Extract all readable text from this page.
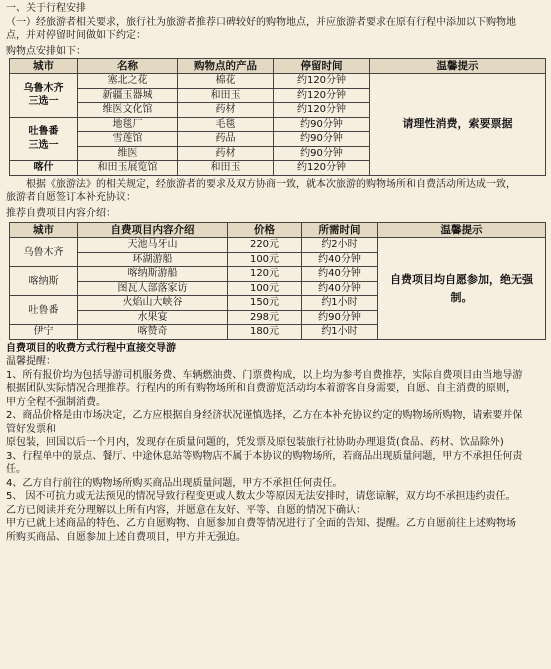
一、关于行程安排

（一）经旅游者相关要求，旅行社为旅游者推荐口碑较好的购物地点，并应旅游者要求在原有行程中添加以下购物地

点，并对停留时间做如下约定：

购物点安排如下：

城市	名称	购物点的产品	停留时间	温馨提示
乌鲁木齐
三选一	塞北之花	棉花	约120分钟	请理性消费，索要票据
	新疆玉器城	和田玉	约120分钟	
	维医文化馆	药材	约120分钟	
吐鲁番
三选一	地毯厂	毛毯	约90分钟	
	雪莲馆	药品	约90分钟	
	维医	药材	约90分钟	
喀什	和田玉展览馆	和田玉	约120分钟	

根据《旅游法》的相关规定，经旅游者的要求及双方协商一致，就本次旅游的购物场所和自费活动所达成一致，

旅游者自愿签订本补充协议：

推荐自费项目内容介绍：

城市	自费项目内容介绍	价格	所需时间	温馨提示
乌鲁木齐	天池马牙山	220元	约2小时	自费项目均自愿参加，绝无强制。
	环湖游船	100元	约40分钟	
喀纳斯	喀纳斯游船	120元	约40分钟	
	图瓦人部落家访	100元	约40分钟	
吐鲁番	火焰山大峡谷	150元	约1小时	
	水果宴	298元	约90分钟	
伊宁	喀赞奇	180元	约1小时	

自费项目的收费方式行程中直接交导游

温馨提醒：

1、所有报价均为包括导游司机服务费、车辆燃油费、门票费构成，以上均为参考自费推荐，实际自费项目由当地导游

根据团队实际情况合理推荐。行程内的所有购物场所和自费游览活动均本着游客自身需要，自愿、自主消费的原则，

甲方全程不强制消费。

2、商品价格是由市场决定，乙方应根据自身经济状况谨慎选择，乙方在本补充协议约定的购物场所购物，请索要并保

管好发票和

原包装，回国以后一个月内，发现存在质量问题的，凭发票及原包装旅行社协助办理退货(食品、药材、饮品除外)

3、行程单中的景点、餐厅、中途休息站等购物店不属于本协议的购物场所，若商品出现质量问题，甲方不承担任何责

任。

4、乙方自行前往的购物场所购买商品出现质量问题，甲方不承担任何责任。

5、 因不可抗力或无法预见的情况导致行程变更或人数太少等原因无法安排时，请您谅解，双方均不承担违约责任。

乙方已阅读并充分理解以上所有内容，并愿意在友好、平等、自愿的情况下确认：

甲方已就上述商品的特色、乙方自愿购物、自愿参加自费等情况进行了全面的告知、提醒。乙方自愿前往上述购物场

所购买商品、自愿参加上述自费项目，甲方并无强迫。
